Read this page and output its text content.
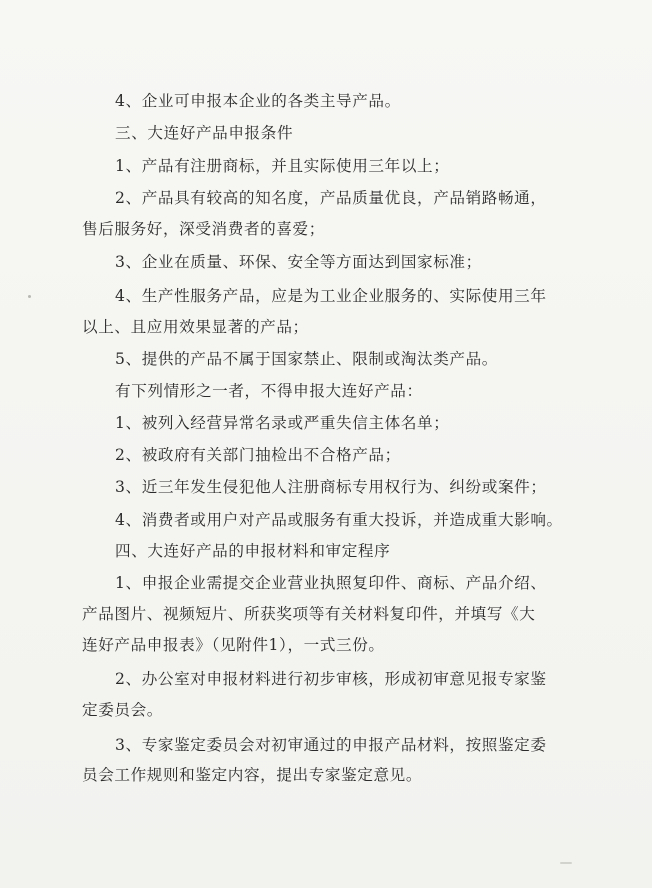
4、企业可申报本企业的各类主导产品。
三、大连好产品申报条件
1、产品有注册商标，并且实际使用三年以上；
2、产品具有较高的知名度，产品质量优良，产品销路畅通，
售后服务好，深受消费者的喜爱；
3、企业在质量、环保、安全等方面达到国家标准；
4、生产性服务产品，应是为工业企业服务的、实际使用三年
以上、且应用效果显著的产品；
5、提供的产品不属于国家禁止、限制或淘汰类产品。
有下列情形之一者，不得申报大连好产品：
1、被列入经营异常名录或严重失信主体名单；
2、被政府有关部门抽检出不合格产品；
3、近三年发生侵犯他人注册商标专用权行为、纠纷或案件；
4、消费者或用户对产品或服务有重大投诉，并造成重大影响。
四、大连好产品的申报材料和审定程序
1、申报企业需提交企业营业执照复印件、商标、产品介绍、
产品图片、视频短片、所获奖项等有关材料复印件，并填写《大
连好产品申报表》（见附件1），一式三份。
2、办公室对申报材料进行初步审核，形成初审意见报专家鉴
定委员会。
3、专家鉴定委员会对初审通过的申报产品材料，按照鉴定委
员会工作规则和鉴定内容，提出专家鉴定意见。
